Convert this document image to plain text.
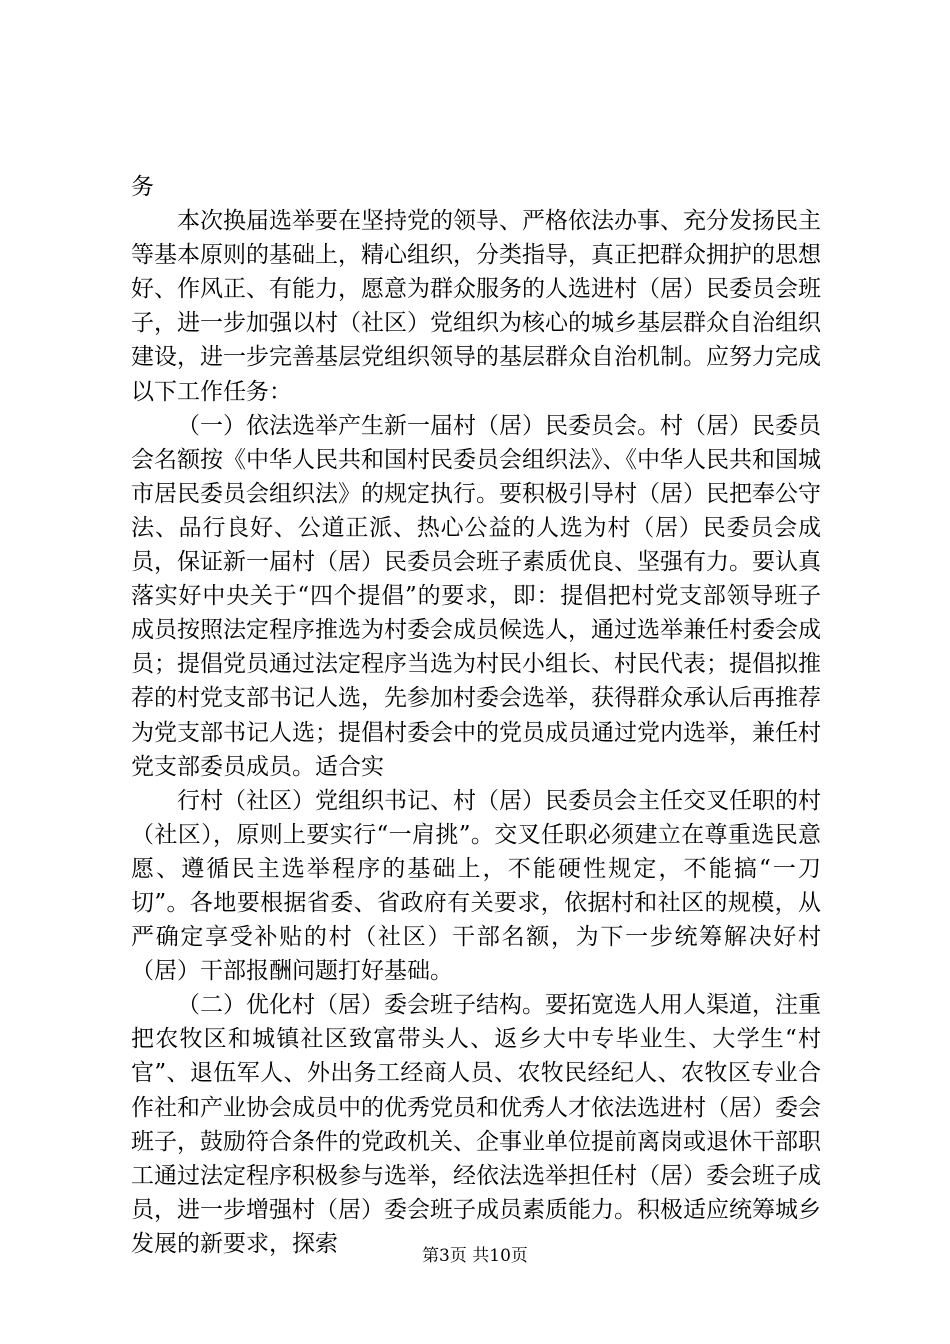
务

本次换届选举要在坚持党的领导、严格依法办事、充分发扬民主等基本原则的基础上，精心组织，分类指导，真正把群众拥护的思想好、作风正、有能力，愿意为群众服务的人选进村（居）民委员会班子，进一步加强以村（社区）党组织为核心的城乡基层群众自治组织建设，进一步完善基层党组织领导的基层群众自治机制。应努力完成以下工作任务：

（一）依法选举产生新一届村（居）民委员会。村（居）民委员会名额按《中华人民共和国村民委员会组织法》、《中华人民共和国城市居民委员会组织法》的规定执行。要积极引导村（居）民把奉公守法、品行良好、公道正派、热心公益的人选为村（居）民委员会成员，保证新一届村（居）民委员会班子素质优良、坚强有力。要认真落实好中央关于“四个提倡”的要求，即：提倡把村党支部领导班子成员按照法定程序推选为村委会成员候选人，通过选举兼任村委会成员；提倡党员通过法定程序当选为村民小组长、村民代表；提倡拟推荐的村党支部书记人选，先参加村委会选举，获得群众承认后再推荐为党支部书记人选；提倡村委会中的党员成员通过党内选举，兼任村党支部委员成员。适合实

行村（社区）党组织书记、村（居）民委员会主任交叉任职的村（社区），原则上要实行“一肩挑”。交叉任职必须建立在尊重选民意愿、遵循民主选举程序的基础上，不能硬性规定，不能搞“一刀切”。各地要根据省委、省政府有关要求，依据村和社区的规模，从严确定享受补贴的村（社区）干部名额，为下一步统筹解决好村（居）干部报酬问题打好基础。

（二）优化村（居）委会班子结构。要拓宽选人用人渠道，注重把农牧区和城镇社区致富带头人、返乡大中专毕业生、大学生“村官”、退伍军人、外出务工经商人员、农牧民经纪人、农牧区专业合作社和产业协会成员中的优秀党员和优秀人才依法选进村（居）委会班子，鼓励符合条件的党政机关、企事业单位提前离岗或退休干部职工通过法定程序积极参与选举，经依法选举担任村（居）委会班子成员，进一步增强村（居）委会班子成员素质能力。积极适应统筹城乡发展的新要求，探索	第3页 共10页
